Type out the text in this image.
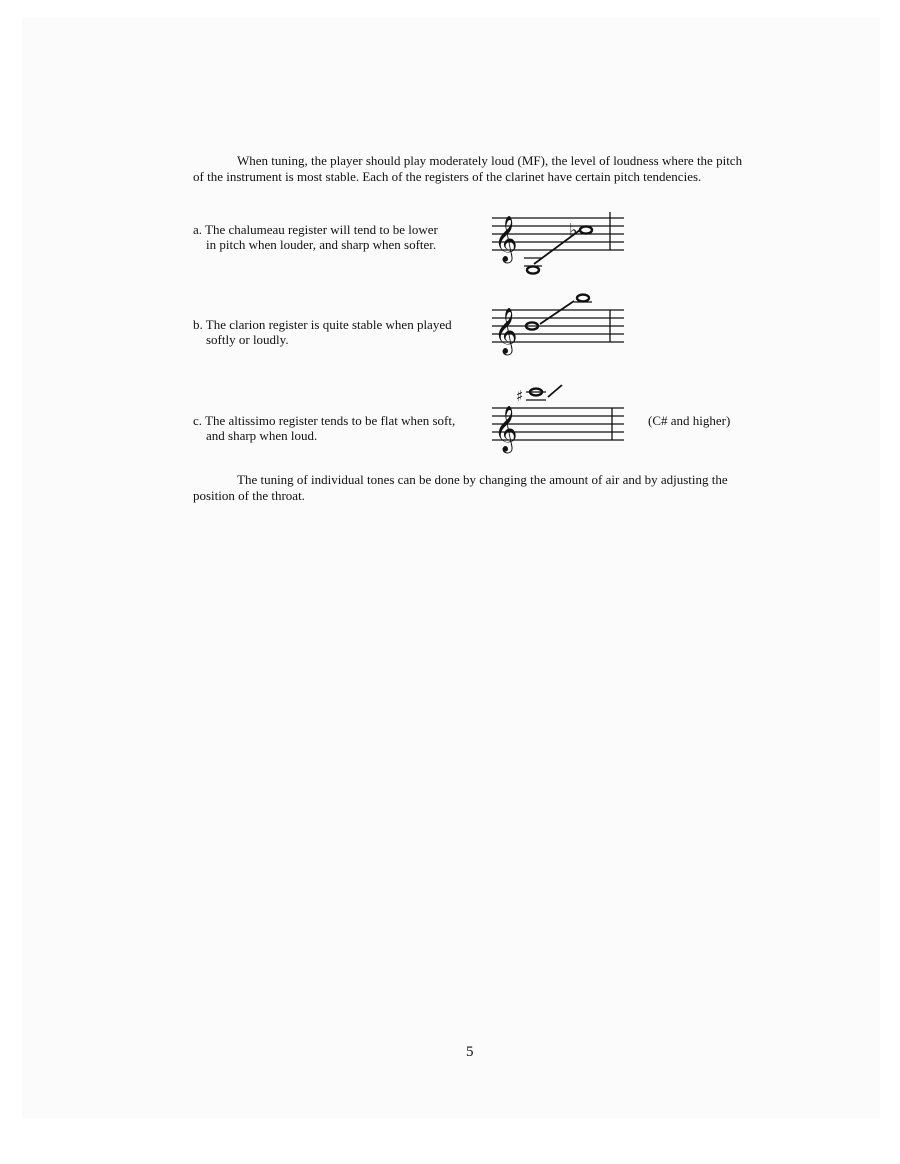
When tuning, the player should play moderately loud (MF), the level of loudness where the pitch
of the instrument is most stable. Each of the registers of the clarinet have certain pitch tendencies.

a. The chalumeau register will tend to be lower
in pitch when louder, and sharp when softer.	𝄞	♭
b. The clarion register is quite stable when played
softly or loudly.	𝄞
c. The altissimo register tends to be flat when soft,
and sharp when loud.	𝄞
♯
(C# and higher)

The tuning of individual tones can be done by changing the amount of air and by adjusting the
position of the throat.

5
